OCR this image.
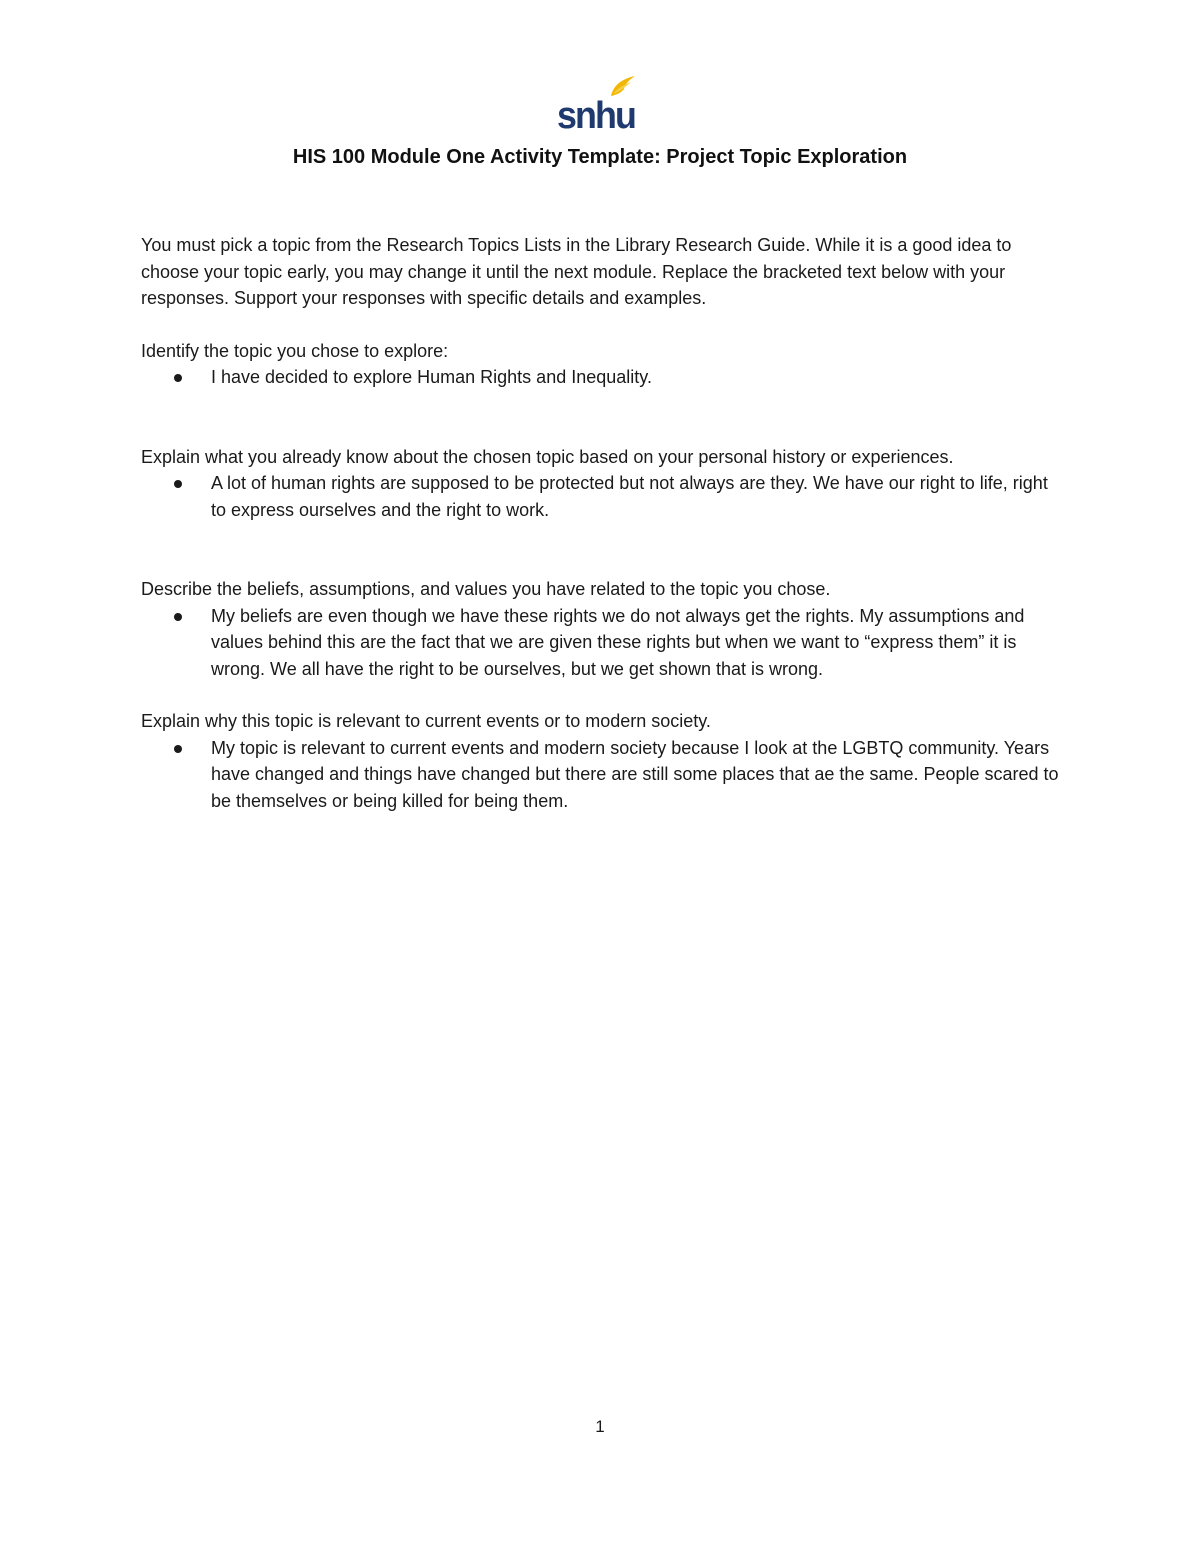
snhu
HIS 100 Module One Activity Template: Project Topic Exploration

You must pick a topic from the Research Topics Lists in the Library Research Guide. While it is a good idea to choose your topic early, you may change it until the next module. Replace the bracketed text below with your responses. Support your responses with specific details and examples.

Identify the topic you chose to explore:

I have decided to explore Human Rights and Inequality.

Explain what you already know about the chosen topic based on your personal history or experiences.

A lot of human rights are supposed to be protected but not always are they. We have our right to life, right to express ourselves and the right to work.

Describe the beliefs, assumptions, and values you have related to the topic you chose.

My beliefs are even though we have these rights we do not always get the rights. My assumptions and values behind this are the fact that we are given these rights but when we want to “express them” it is wrong. We all have the right to be ourselves, but we get shown that is wrong.

Explain why this topic is relevant to current events or to modern society.

My topic is relevant to current events and modern society because I look at the LGBTQ community. Years have changed and things have changed but there are still some places that ae the same. People scared to be themselves or being killed for being them.
1
